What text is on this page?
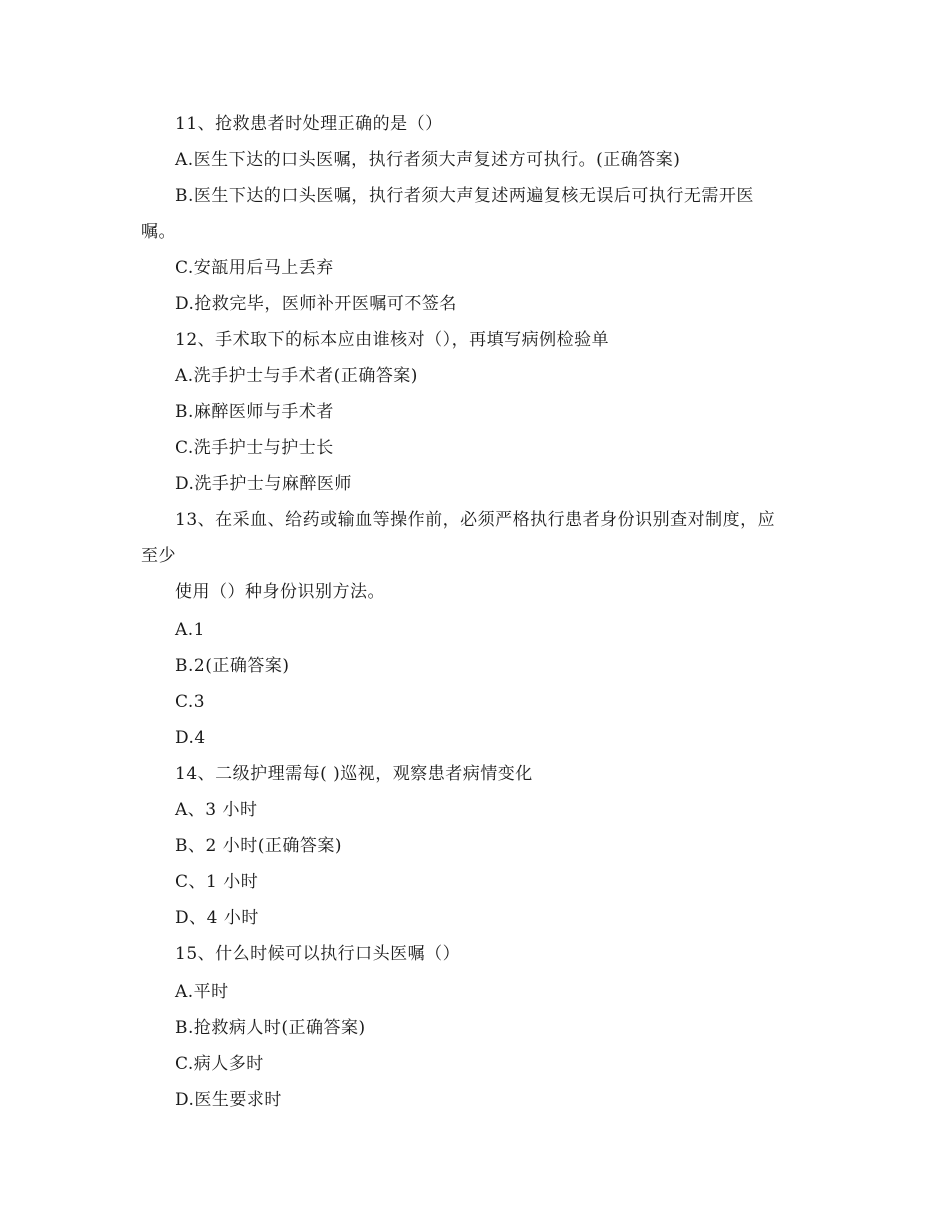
11、抢救患者时处理正确的是（）
A.医生下达的口头医嘱，执行者须大声复述方可执行。(正确答案)
B.医生下达的口头医嘱，执行者须大声复述两遍复核无误后可执行无需开医
嘱。
C.安瓿用后马上丢弃
D.抢救完毕，医师补开医嘱可不签名
12、手术取下的标本应由谁核对（），再填写病例检验单
A.洗手护士与手术者(正确答案)
B.麻醉医师与手术者
C.洗手护士与护士长
D.洗手护士与麻醉医师
13、在采血、给药或输血等操作前，必须严格执行患者身份识别查对制度，应
至少
使用（）种身份识别方法。
A.1
B.2(正确答案)
C.3
D.4
14、二级护理需每( )巡视，观察患者病情变化
A、3 小时
B、2 小时(正确答案)
C、1 小时
D、4 小时
15、什么时候可以执行口头医嘱（）
A.平时
B.抢救病人时(正确答案)
C.病人多时
D.医生要求时
